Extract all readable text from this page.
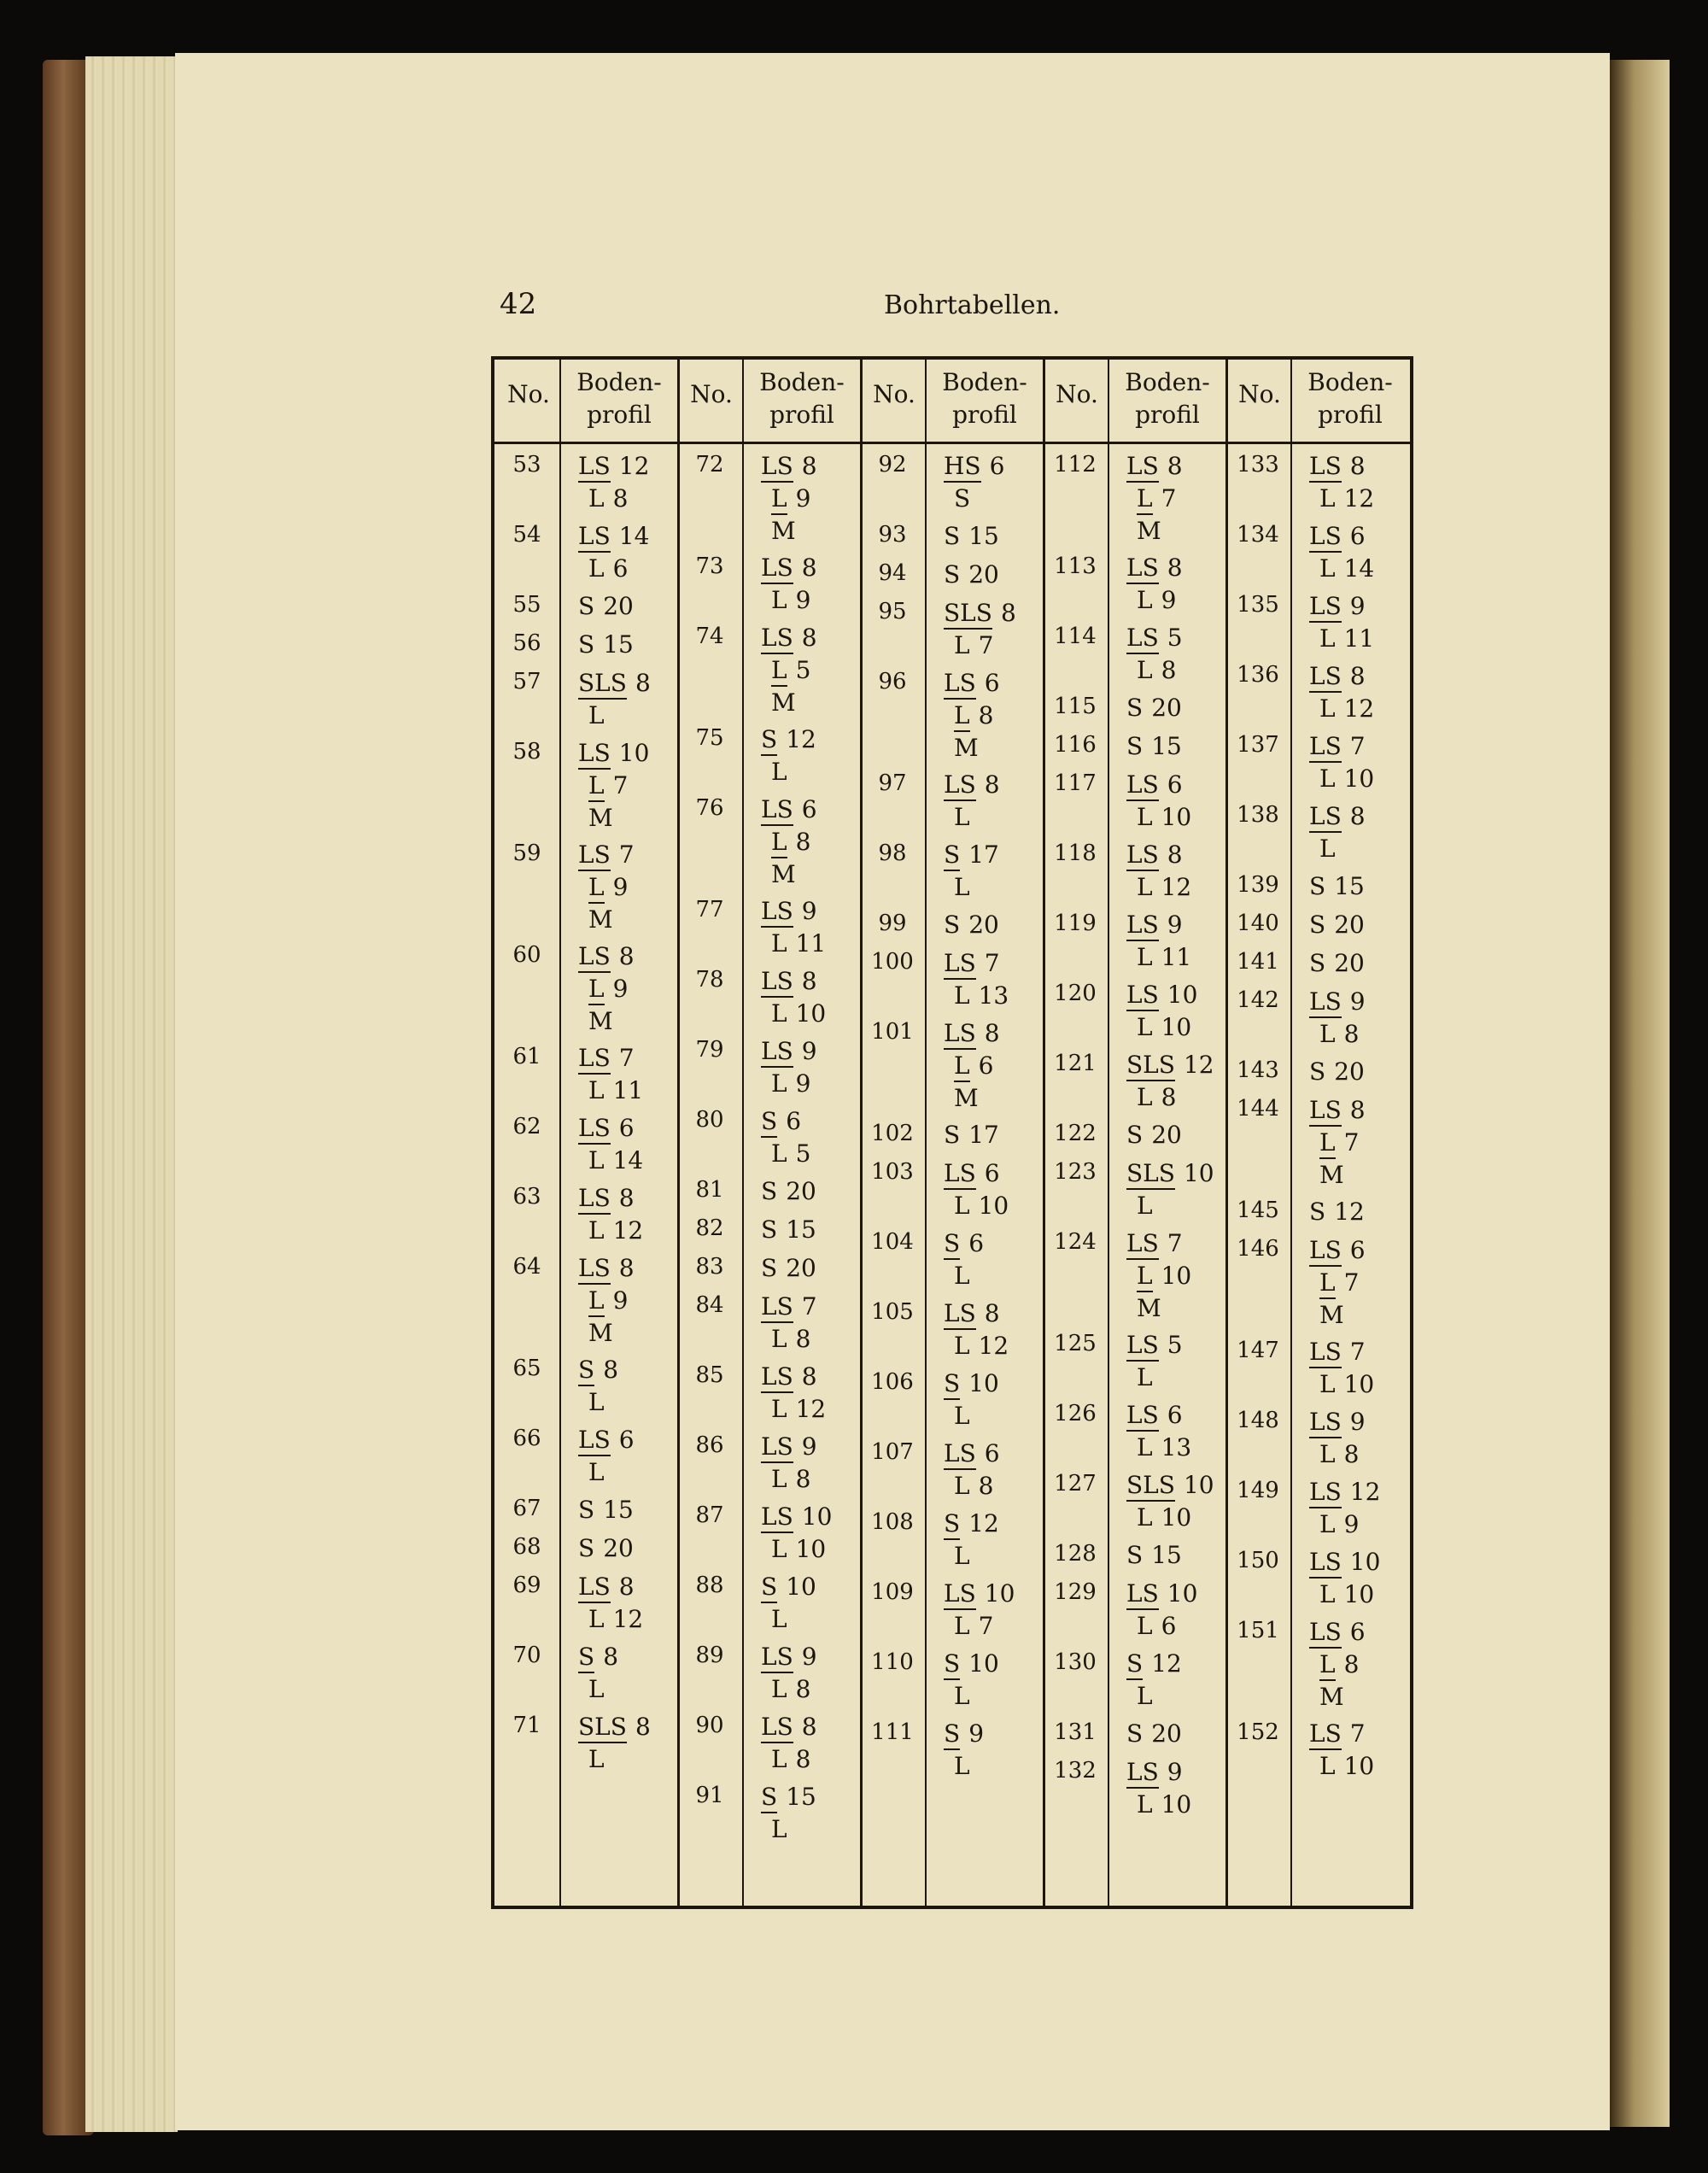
42	Bohrtabellen.
No.	Boden-
profil
53	LS 12
L 8
54	LS 14
L 6
55	S 20
56	S 15
57	SLS 8
L
58	LS 10
L 7
M
59	LS 7
L 9
M
60	LS 8
L 9
M
61	LS 7
L 11
62	LS 6
L 14
63	LS 8
L 12
64	LS 8
L 9
M
65	S 8
L
66	LS 6
L
67	S 15
68	S 20
69	LS 8
L 12
70	S 8
L
71	SLS 8
L
No.	Boden-
profil
72	LS 8
L 9
M
73	LS 8
L 9
74	LS 8
L 5
M
75	S 12
L
76	LS 6
L 8
M
77	LS 9
L 11
78	LS 8
L 10
79	LS 9
L 9
80	S 6
L 5
81	S 20
82	S 15
83	S 20
84	LS 7
L 8
85	LS 8
L 12
86	LS 9
L 8
87	LS 10
L 10
88	S 10
L
89	LS 9
L 8
90	LS 8
L 8
91	S 15
L
No.	Boden-
profil
92	HS 6
S
93	S 15
94	S 20
95	SLS 8
L 7
96	LS 6
L 8
M
97	LS 8
L
98	S 17
L
99	S 20
100	LS 7
L 13
101	LS 8
L 6
M
102	S 17
103	LS 6
L 10
104	S 6
L
105	LS 8
L 12
106	S 10
L
107	LS 6
L 8
108	S 12
L
109	LS 10
L 7
110	S 10
L
111	S 9
L
No.	Boden-
profil
112	LS 8
L 7
M
113	LS 8
L 9
114	LS 5
L 8
115	S 20
116	S 15
117	LS 6
L 10
118	LS 8
L 12
119	LS 9
L 11
120	LS 10
L 10
121	SLS 12
L 8
122	S 20
123	SLS 10
L
124	LS 7
L 10
M
125	LS 5
L
126	LS 6
L 13
127	SLS 10
L 10
128	S 15
129	LS 10
L 6
130	S 12
L
131	S 20
132	LS 9
L 10
No.	Boden-
profil
133	LS 8
L 12
134	LS 6
L 14
135	LS 9
L 11
136	LS 8
L 12
137	LS 7
L 10
138	LS 8
L
139	S 15
140	S 20
141	S 20
142	LS 9
L 8
143	S 20
144	LS 8
L 7
M
145	S 12
146	LS 6
L 7
M
147	LS 7
L 10
148	LS 9
L 8
149	LS 12
L 9
150	LS 10
L 10
151	LS 6
L 8
M
152	LS 7
L 10
